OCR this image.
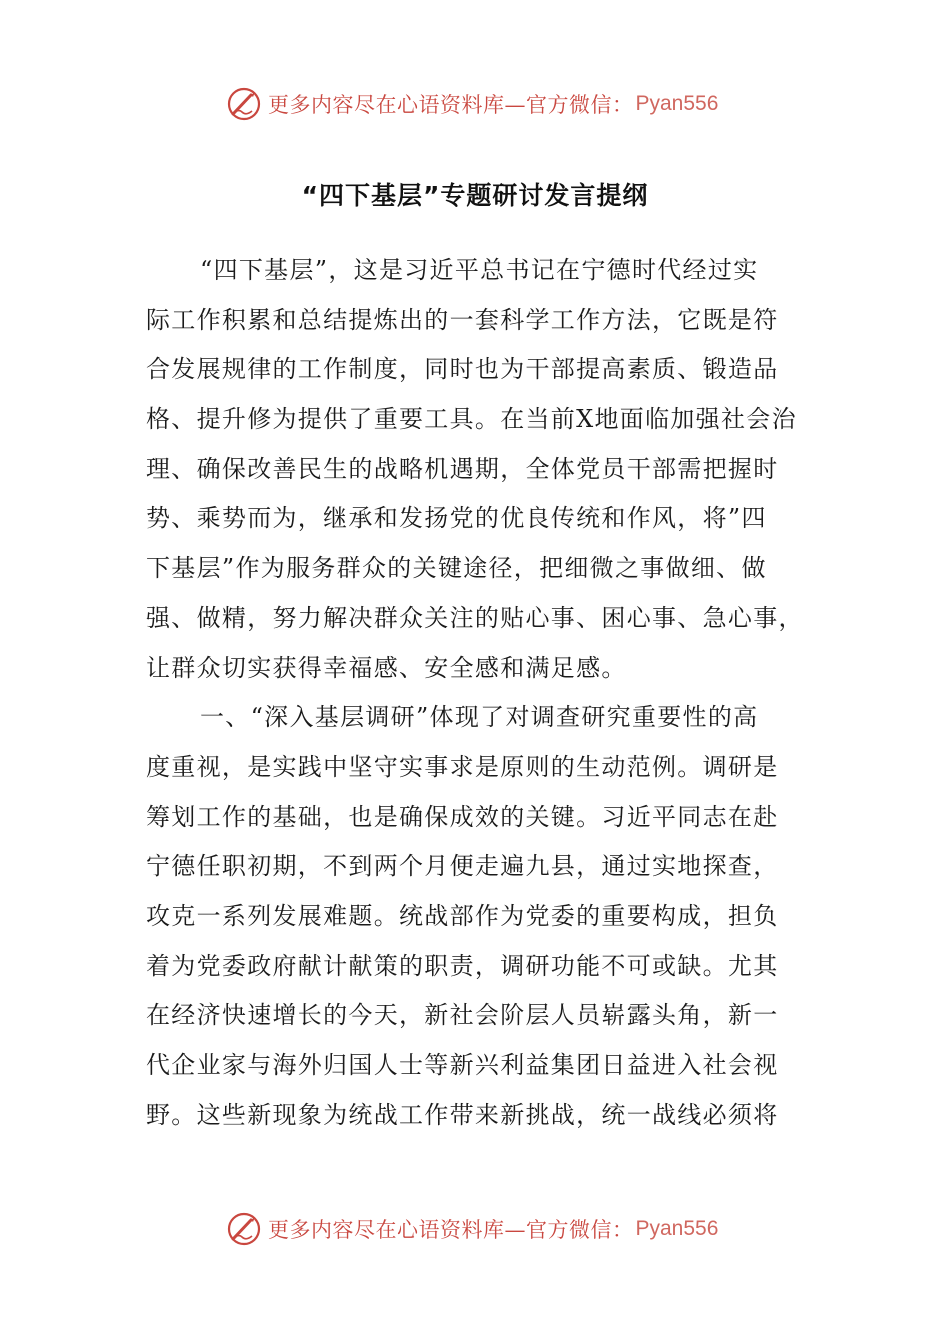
更多内容尽在心语资料库—官方微信： Pyan556
“四下基层”专题研讨发言提纲
“四下基层”，这是习近平总书记在宁德时代经过实
际工作积累和总结提炼出的一套科学工作方法，它既是符
合发展规律的工作制度，同时也为干部提高素质、锻造品
格、提升修为提供了重要工具。在当前X地面临加强社会治
理、确保改善民生的战略机遇期，全体党员干部需把握时
势、乘势而为，继承和发扬党的优良传统和作风，将”四
下基层”作为服务群众的关键途径，把细微之事做细、做
强、做精，努力解决群众关注的贴心事、困心事、急心事，
让群众切实获得幸福感、安全感和满足感。
一、“深入基层调研”体现了对调查研究重要性的高
度重视，是实践中坚守实事求是原则的生动范例。调研是
筹划工作的基础，也是确保成效的关键。习近平同志在赴
宁德任职初期，不到两个月便走遍九县，通过实地探查，
攻克一系列发展难题。统战部作为党委的重要构成，担负
着为党委政府献计献策的职责，调研功能不可或缺。尤其
在经济快速增长的今天，新社会阶层人员崭露头角，新一
代企业家与海外归国人士等新兴利益集团日益进入社会视
野。这些新现象为统战工作带来新挑战，统一战线必须将
更多内容尽在心语资料库—官方微信： Pyan556
